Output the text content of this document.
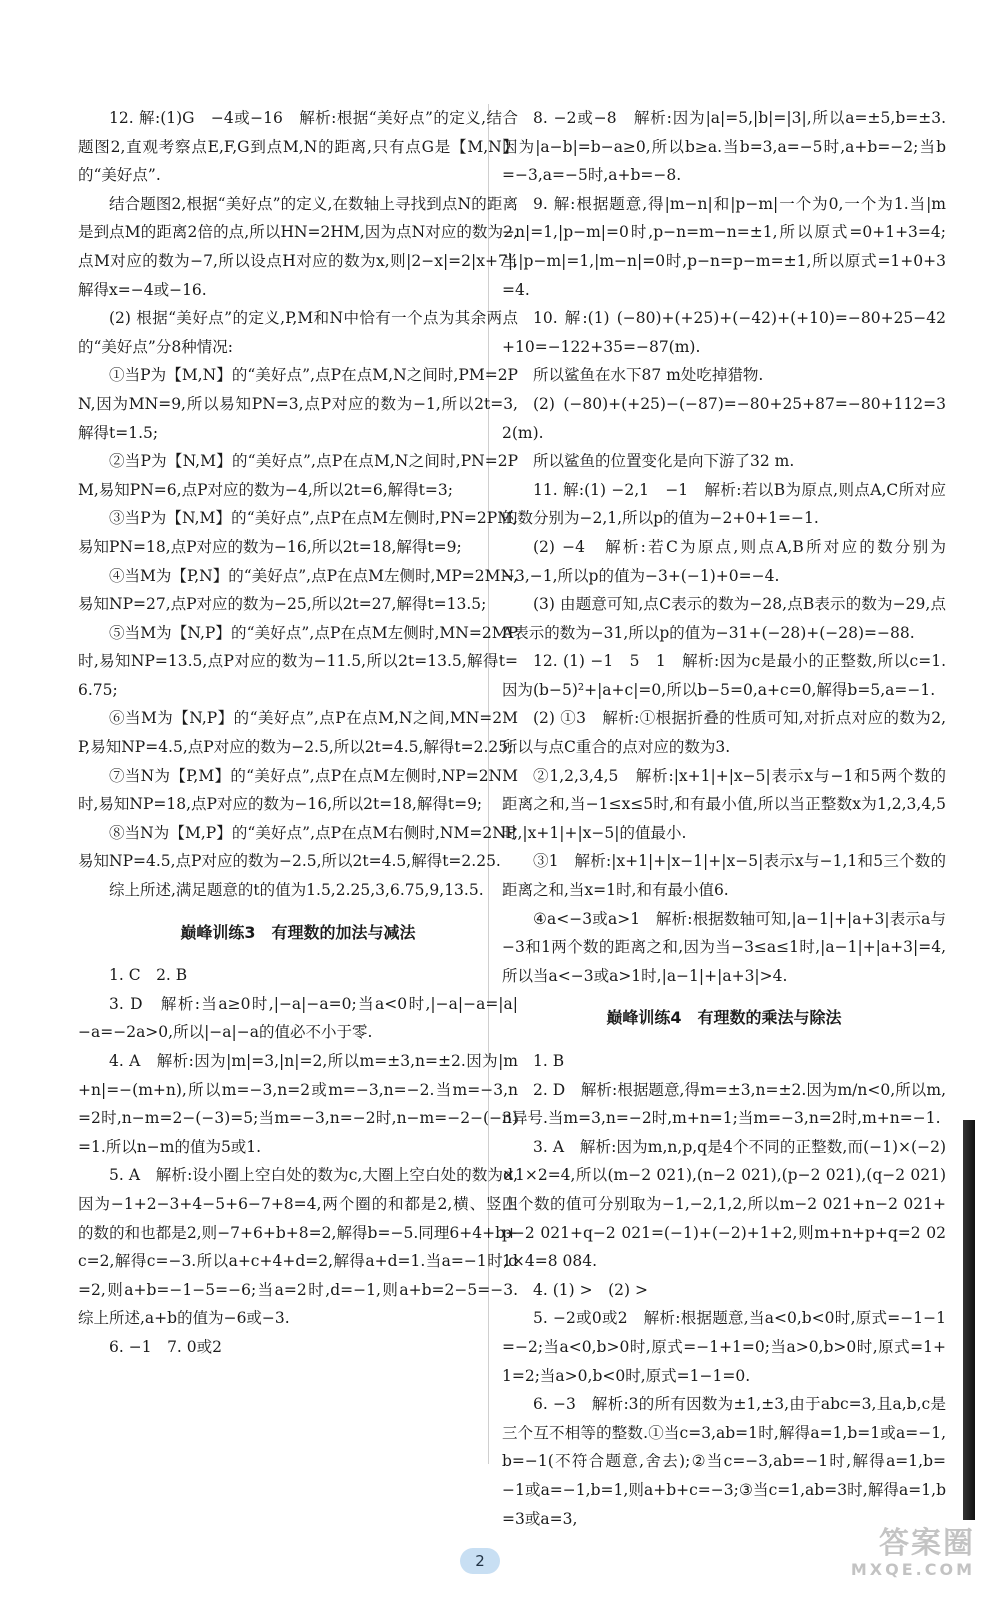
12. 解:(1)G　−4或−16　解析:根据“美好点”的定义,结合题图2,直观考察点E,F,G到点M,N的距离,只有点G是【M,N】的“美好点”.

结合题图2,根据“美好点”的定义,在数轴上寻找到点N的距离是到点M的距离2倍的点,所以HN=2HM,因为点N对应的数为2,点M对应的数为−7,所以设点H对应的数为x,则|2−x|=2|x+7|,解得x=−4或−16.

(2) 根据“美好点”的定义,P,M和N中恰有一个点为其余两点的“美好点”分8种情况:

①当P为【M,N】的“美好点”,点P在点M,N之间时,PM=2PN,因为MN=9,所以易知PN=3,点P对应的数为−1,所以2t=3,解得t=1.5;

②当P为【N,M】的“美好点”,点P在点M,N之间时,PN=2PM,易知PN=6,点P对应的数为−4,所以2t=6,解得t=3;

③当P为【N,M】的“美好点”,点P在点M左侧时,PN=2PM,易知PN=18,点P对应的数为−16,所以2t=18,解得t=9;

④当M为【P,N】的“美好点”,点P在点M左侧时,MP=2MN,易知NP=27,点P对应的数为−25,所以2t=27,解得t=13.5;

⑤当M为【N,P】的“美好点”,点P在点M左侧时,MN=2MP时,易知NP=13.5,点P对应的数为−11.5,所以2t=13.5,解得t=6.75;

⑥当M为【N,P】的“美好点”,点P在点M,N之间,MN=2MP,易知NP=4.5,点P对应的数为−2.5,所以2t=4.5,解得t=2.25;

⑦当N为【P,M】的“美好点”,点P在点M左侧时,NP=2NM时,易知NP=18,点P对应的数为−16,所以2t=18,解得t=9;

⑧当N为【M,P】的“美好点”,点P在点M右侧时,NM=2NP,易知NP=4.5,点P对应的数为−2.5,所以2t=4.5,解得t=2.25.

综上所述,满足题意的t的值为1.5,2.25,3,6.75,9,13.5.

巅峰训练3　有理数的加法与减法

1. C　2. B

3. D　解析:当a≥0时,|−a|−a=0;当a<0时,|−a|−a=|a|−a=−2a>0,所以|−a|−a的值必不小于零.

4. A　解析:因为|m|=3,|n|=2,所以m=±3,n=±2.因为|m+n|=−(m+n),所以m=−3,n=2或m=−3,n=−2.当m=−3,n=2时,n−m=2−(−3)=5;当m=−3,n=−2时,n−m=−2−(−3)=1.所以n−m的值为5或1.

5. A　解析:设小圈上空白处的数为c,大圈上空白处的数为d,因为−1+2−3+4−5+6−7+8=4,两个圈的和都是2,横、竖上的数的和也都是2,则−7+6+b+8=2,解得b=−5.同理6+4+b+c=2,解得c=−3.所以a+c+4+d=2,解得a+d=1.当a=−1时,d=2,则a+b=−1−5=−6;当a=2时,d=−1,则a+b=2−5=−3.综上所述,a+b的值为−6或−3.

6. −1　7. 0或2

8. −2或−8　解析:因为|a|=5,|b|=|3|,所以a=±5,b=±3.因为|a−b|=b−a≥0,所以b≥a.当b=3,a=−5时,a+b=−2;当b=−3,a=−5时,a+b=−8.

9. 解:根据题意,得|m−n|和|p−m|一个为0,一个为1.当|m−n|=1,|p−m|=0时,p−n=m−n=±1,所以原式=0+1+3=4;当|p−m|=1,|m−n|=0时,p−n=p−m=±1,所以原式=1+0+3=4.

10. 解:(1) (−80)+(+25)+(−42)+(+10)=−80+25−42+10=−122+35=−87(m).

所以鲨鱼在水下87 m处吃掉猎物.

(2) (−80)+(+25)−(−87)=−80+25+87=−80+112=32(m).

所以鲨鱼的位置变化是向下游了32 m.

11. 解:(1) −2,1　−1　解析:若以B为原点,则点A,C所对应的数分别为−2,1,所以p的值为−2+0+1=−1.

(2) −4　解析:若C为原点,则点A,B所对应的数分别为−3,−1,所以p的值为−3+(−1)+0=−4.

(3) 由题意可知,点C表示的数为−28,点B表示的数为−29,点A表示的数为−31,所以p的值为−31+(−28)+(−28)=−88.

12. (1) −1　5　1　解析:因为c是最小的正整数,所以c=1.因为(b−5)²+|a+c|=0,所以b−5=0,a+c=0,解得b=5,a=−1.

(2) ①3　解析:①根据折叠的性质可知,对折点对应的数为2,所以与点C重合的点对应的数为3.

②1,2,3,4,5　解析:|x+1|+|x−5|表示x与−1和5两个数的距离之和,当−1≤x≤5时,和有最小值,所以当正整数x为1,2,3,4,5时,|x+1|+|x−5|的值最小.

③1　解析:|x+1|+|x−1|+|x−5|表示x与−1,1和5三个数的距离之和,当x=1时,和有最小值6.

④a<−3或a>1　解析:根据数轴可知,|a−1|+|a+3|表示a与−3和1两个数的距离之和,因为当−3≤a≤1时,|a−1|+|a+3|=4,所以当a<−3或a>1时,|a−1|+|a+3|>4.

巅峰训练4　有理数的乘法与除法

1. B

2. D　解析:根据题意,得m=±3,n=±2.因为m/n<0,所以m,n异号.当m=3,n=−2时,m+n=1;当m=−3,n=2时,m+n=−1.

3. A　解析:因为m,n,p,q是4个不同的正整数,而(−1)×(−2)×1×2=4,所以(m−2 021),(n−2 021),(p−2 021),(q−2 021)四个数的值可分别取为−1,−2,1,2,所以m−2 021+n−2 021+p−2 021+q−2 021=(−1)+(−2)+1+2,则m+n+p+q=2 021×4=8 084.

4. (1) >　(2) >

5. −2或0或2　解析:根据题意,当a<0,b<0时,原式=−1−1=−2;当a<0,b>0时,原式=−1+1=0;当a>0,b>0时,原式=1+1=2;当a>0,b<0时,原式=1−1=0.

6. −3　解析:3的所有因数为±1,±3,由于abc=3,且a,b,c是三个互不相等的整数.①当c=3,ab=1时,解得a=1,b=1或a=−1,b=−1(不符合题意,舍去);②当c=−3,ab=−1时,解得a=1,b=−1或a=−1,b=1,则a+b+c=−3;③当c=1,ab=3时,解得a=1,b=3或a=3,

2	答案圈
MXQE.COM
